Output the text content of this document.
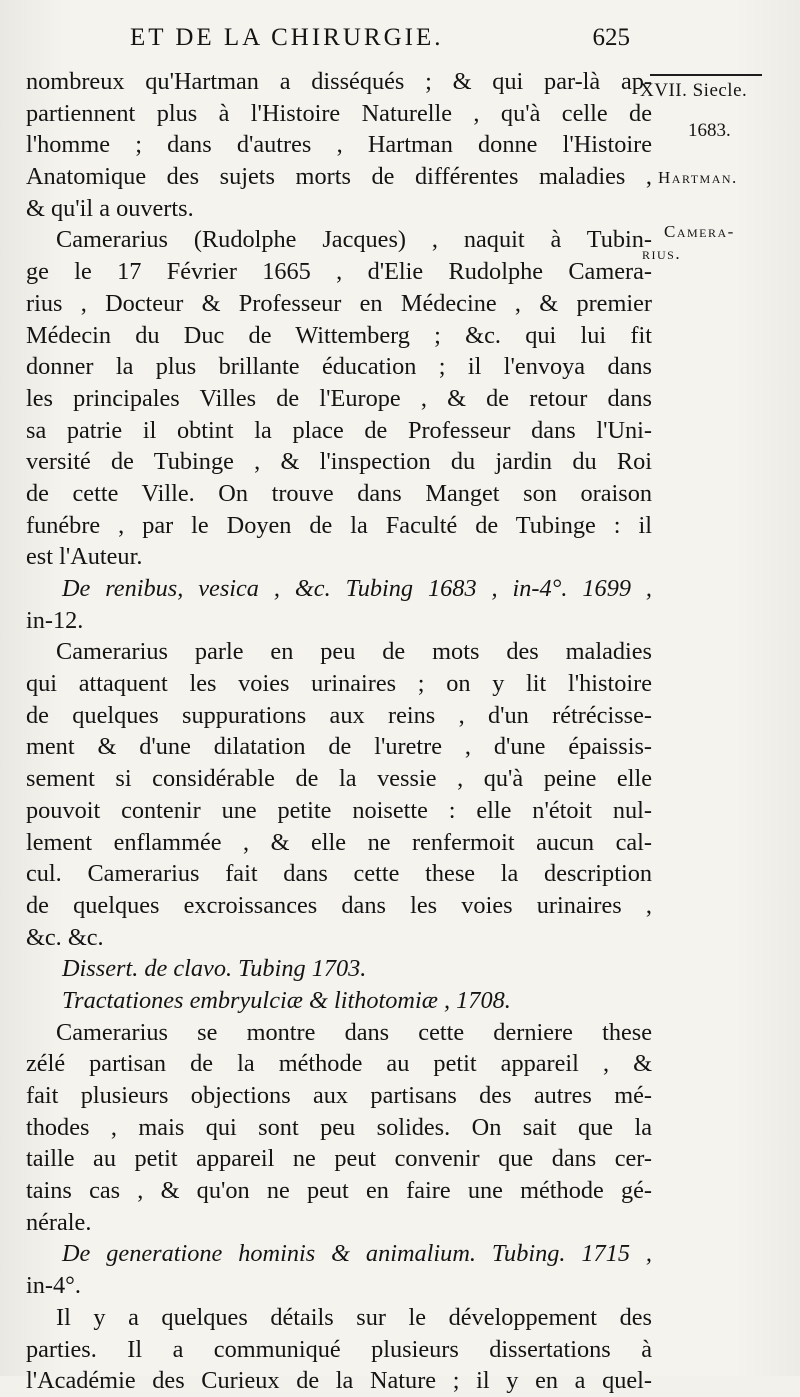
ET DE LA CHIRURGIE.	625
XVII. Siecle.
1683.
Hartman.
Camera-
rius.
nombreux qu'Hartman a disséqués ; & qui par-là ap-
partiennent plus à l'Histoire Naturelle , qu'à celle de
l'homme ; dans d'autres , Hartman donne l'Histoire
Anatomique des sujets morts de différentes maladies ,
& qu'il a ouverts.
Camerarius (Rudolphe Jacques) , naquit à Tubin-
ge le 17 Février 1665 , d'Elie Rudolphe Camera-
rius , Docteur & Professeur en Médecine , & premier
Médecin du Duc de Wittemberg ; &c. qui lui fit
donner la plus brillante éducation ; il l'envoya dans
les principales Villes de l'Europe , & de retour dans
sa patrie il obtint la place de Professeur dans l'Uni-
versité de Tubinge , & l'inspection du jardin du Roi
de cette Ville. On trouve dans Manget son oraison
funébre , par le Doyen de la Faculté de Tubinge : il
est l'Auteur.
De renibus, vesica , &c. Tubing 1683 , in-4°. 1699 ,
in-12.
Camerarius parle en peu de mots des maladies
qui attaquent les voies urinaires ; on y lit l'histoire
de quelques suppurations aux reins , d'un rétrécisse-
ment & d'une dilatation de l'uretre , d'une épaissis-
sement si considérable de la vessie , qu'à peine elle
pouvoit contenir une petite noisette : elle n'étoit nul-
lement enflammée , & elle ne renfermoit aucun cal-
cul. Camerarius fait dans cette these la description
de quelques excroissances dans les voies urinaires ,
&c. &c.
Dissert. de clavo. Tubing 1703.
Tractationes embryulciæ & lithotomiæ , 1708.
Camerarius se montre dans cette derniere these
zélé partisan de la méthode au petit appareil , &
fait plusieurs objections aux partisans des autres mé-
thodes , mais qui sont peu solides. On sait que la
taille au petit appareil ne peut convenir que dans cer-
tains cas , & qu'on ne peut en faire une méthode gé-
nérale.
De generatione hominis & animalium. Tubing. 1715 ,
in-4°.
Il y a quelques détails sur le développement des
parties. Il a communiqué plusieurs dissertations à
l'Académie des Curieux de la Nature ; il y en a quel-
